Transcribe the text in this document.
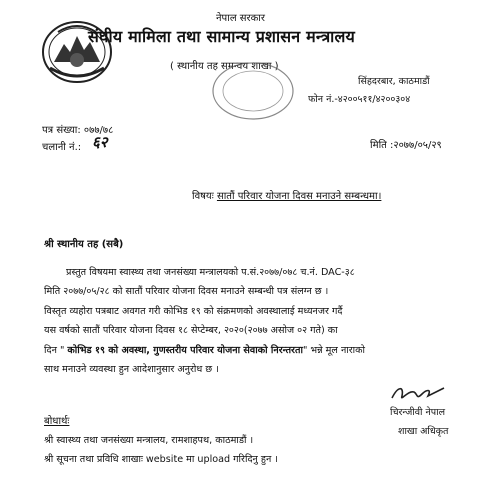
नेपाल सरकार
संघीय मामिला तथा सामान्य प्रशासन मन्त्रालय
( स्थानीय तह समन्वय शाखा )
सिंहदरबार, काठमाडौं
फोन नं.-४२००५११/४२००३०४
पत्र संख्या: ०७७/७८
चलानी नं.: ६२	मिति :२०७७/०५/२९
विषयः सातौं परिवार योजना दिवस मनाउने सम्बन्धमा।
श्री स्थानीय तह (सबै)
प्रस्तुत विषयमा स्वास्थ्य तथा जनसंख्या मन्त्रालयको प.सं.२०७७/०७८ च.नं. DAC-३८
मिति २०७७/०५/२८ को सातौं परिवार योजना दिवस मनाउने सम्बन्धी पत्र संलग्न छ ।
विस्तृत व्यहोरा पत्रबाट अवगत गरी कोभिड १९ को संक्रमणको अवस्थालाई मध्यनजर गर्दै
यस वर्षको सातौं परिवार योजना दिवस १८ सेप्टेम्बर, २०२०(२०७७ असोज ०२ गते) का
दिन " कोभिड १९ को अवस्था, गुणस्तरीय परिवार योजना सेवाको निरन्तरता" भन्ने मूल नाराको
साथ मनाउने व्यवस्था हुन आदेशानुसार अनुरोध छ ।
चिरन्जीवी नेपाल
शाखा अधिकृत
बोधार्थः
श्री स्वास्थ्य तथा जनसंख्या मन्त्रालय, रामशाहपथ, काठमाडौं ।
श्री सूचना तथा प्रविधि शाखाः website मा upload गरिदिनु हुन ।
